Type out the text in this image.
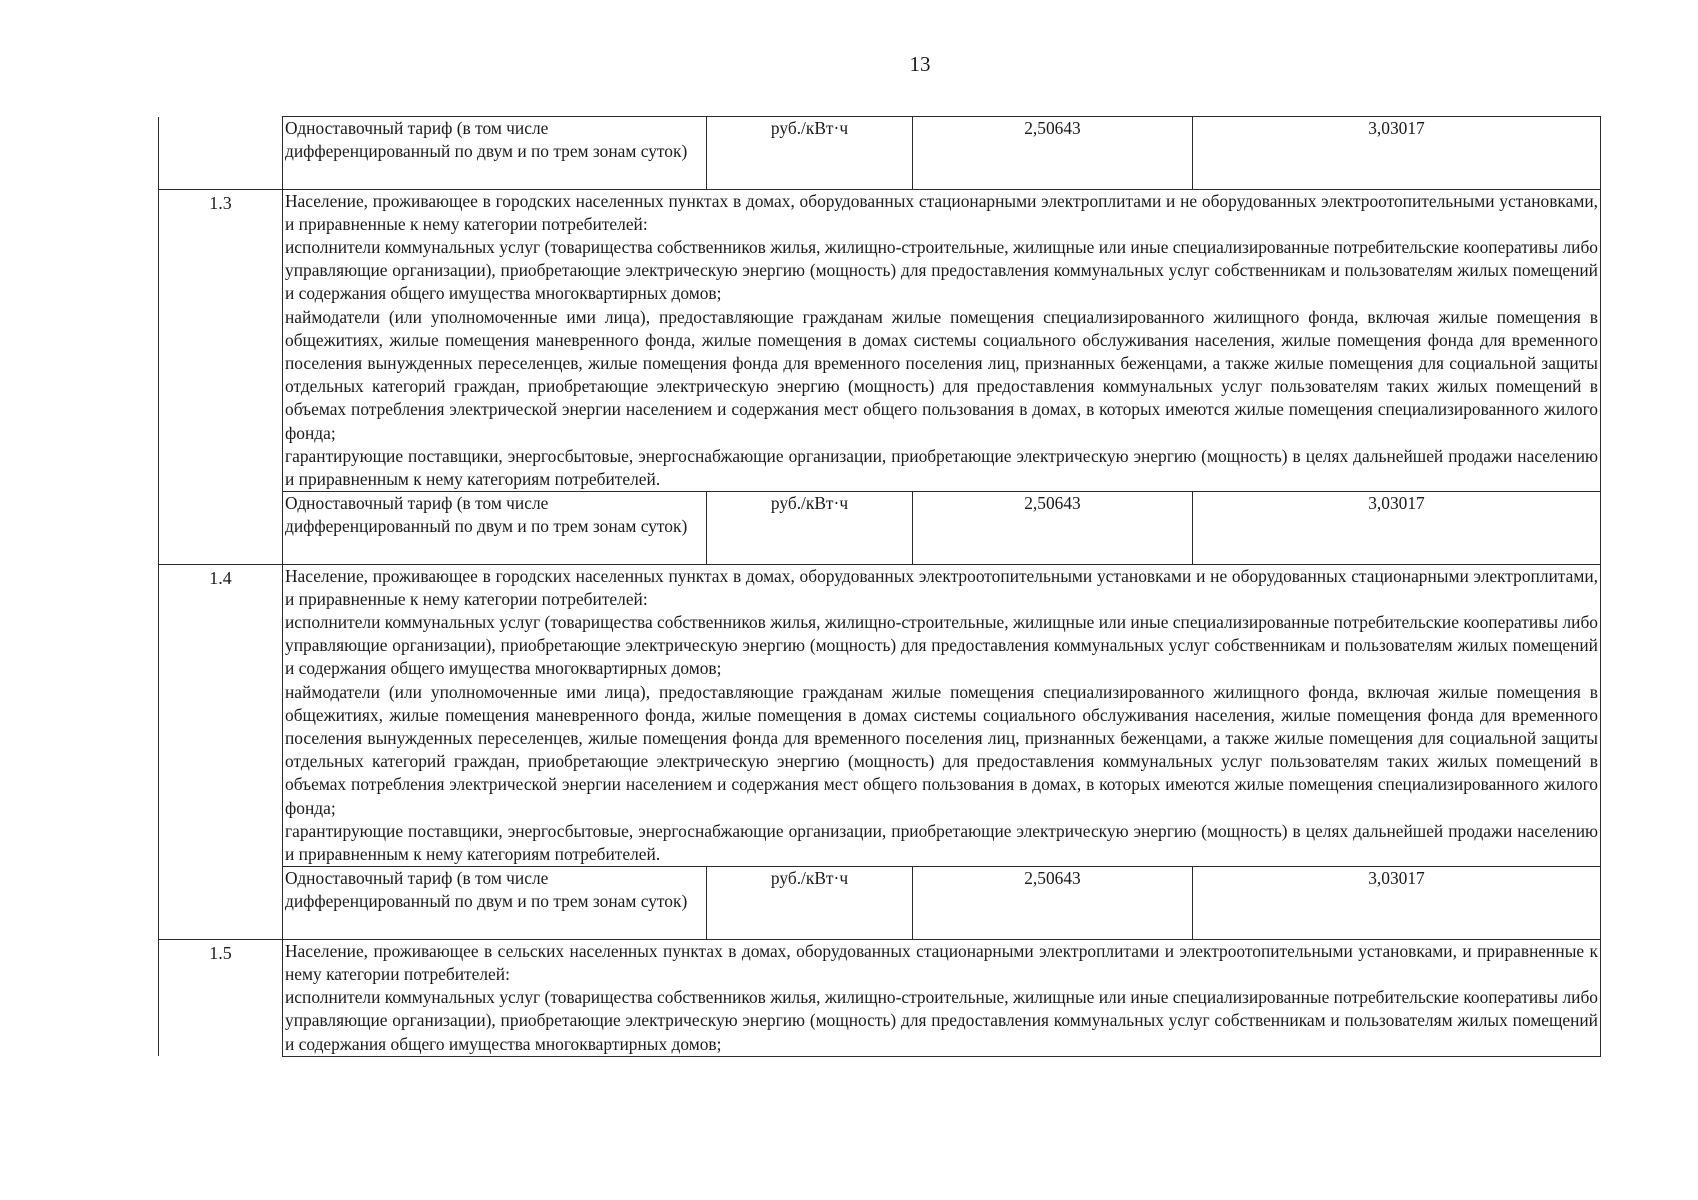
13
	Одноставочный тариф (в том числе дифференцированный по двум и по трем зонам суток)	руб./кВт·ч	2,50643	3,03017
1.3	Население, проживающее в городских населенных пунктах в домах, оборудованных стационарными электроплитами и не оборудованных электроотопительными установками, и приравненные к нему категории потребителей:

исполнители коммунальных услуг (товарищества собственников жилья, жилищно-строительные, жилищные или иные специализированные потребительские кооперативы либо управляющие организации), приобретающие электрическую энергию (мощность) для предоставления коммунальных услуг собственникам и пользователям жилых помещений и содержания общего имущества многоквартирных домов;

наймодатели (или уполномоченные ими лица), предоставляющие гражданам жилые помещения специализированного жилищного фонда, включая жилые помещения в общежитиях, жилые помещения маневренного фонда, жилые помещения в домах системы социального обслуживания населения, жилые помещения фонда для временного поселения вынужденных переселенцев, жилые помещения фонда для временного поселения лиц, признанных беженцами, а также жилые помещения для социальной защиты отдельных категорий граждан, приобретающие электрическую энергию (мощность) для предоставления коммунальных услуг пользователям таких жилых помещений в объемах потребления электрической энергии населением и содержания мест общего пользования в домах, в которых имеются жилые помещения специализированного жилого фонда;

гарантирующие поставщики, энергосбытовые, энергоснабжающие организации, приобретающие электрическую энергию (мощность) в целях дальнейшей продажи населению и приравненным к нему категориям потребителей.			

	Одноставочный тариф (в том числе дифференцированный по двум и по трем зонам суток)	руб./кВт·ч	2,50643	3,03017
1.4	Население, проживающее в городских населенных пунктах в домах, оборудованных электроотопительными установками и не оборудованных стационарными электроплитами, и приравненные к нему категории потребителей:

исполнители коммунальных услуг (товарищества собственников жилья, жилищно-строительные, жилищные или иные специализированные потребительские кооперативы либо управляющие организации), приобретающие электрическую энергию (мощность) для предоставления коммунальных услуг собственникам и пользователям жилых помещений и содержания общего имущества многоквартирных домов;

наймодатели (или уполномоченные ими лица), предоставляющие гражданам жилые помещения специализированного жилищного фонда, включая жилые помещения в общежитиях, жилые помещения маневренного фонда, жилые помещения в домах системы социального обслуживания населения, жилые помещения фонда для временного поселения вынужденных переселенцев, жилые помещения фонда для временного поселения лиц, признанных беженцами, а также жилые помещения для социальной защиты отдельных категорий граждан, приобретающие электрическую энергию (мощность) для предоставления коммунальных услуг пользователям таких жилых помещений в объемах потребления электрической энергии населением и содержания мест общего пользования в домах, в которых имеются жилые помещения специализированного жилого фонда;

гарантирующие поставщики, энергосбытовые, энергоснабжающие организации, приобретающие электрическую энергию (мощность) в целях дальнейшей продажи населению и приравненным к нему категориям потребителей.			

	Одноставочный тариф (в том числе дифференцированный по двум и по трем зонам суток)	руб./кВт·ч	2,50643	3,03017
1.5	Население, проживающее в сельских населенных пунктах в домах, оборудованных стационарными электроплитами и электроотопительными установками, и приравненные к нему категории потребителей:

исполнители коммунальных услуг (товарищества собственников жилья, жилищно-строительные, жилищные или иные специализированные потребительские кооперативы либо управляющие организации), приобретающие электрическую энергию (мощность) для предоставления коммунальных услуг собственникам и пользователям жилых помещений и содержания общего имущества многоквартирных домов;			
